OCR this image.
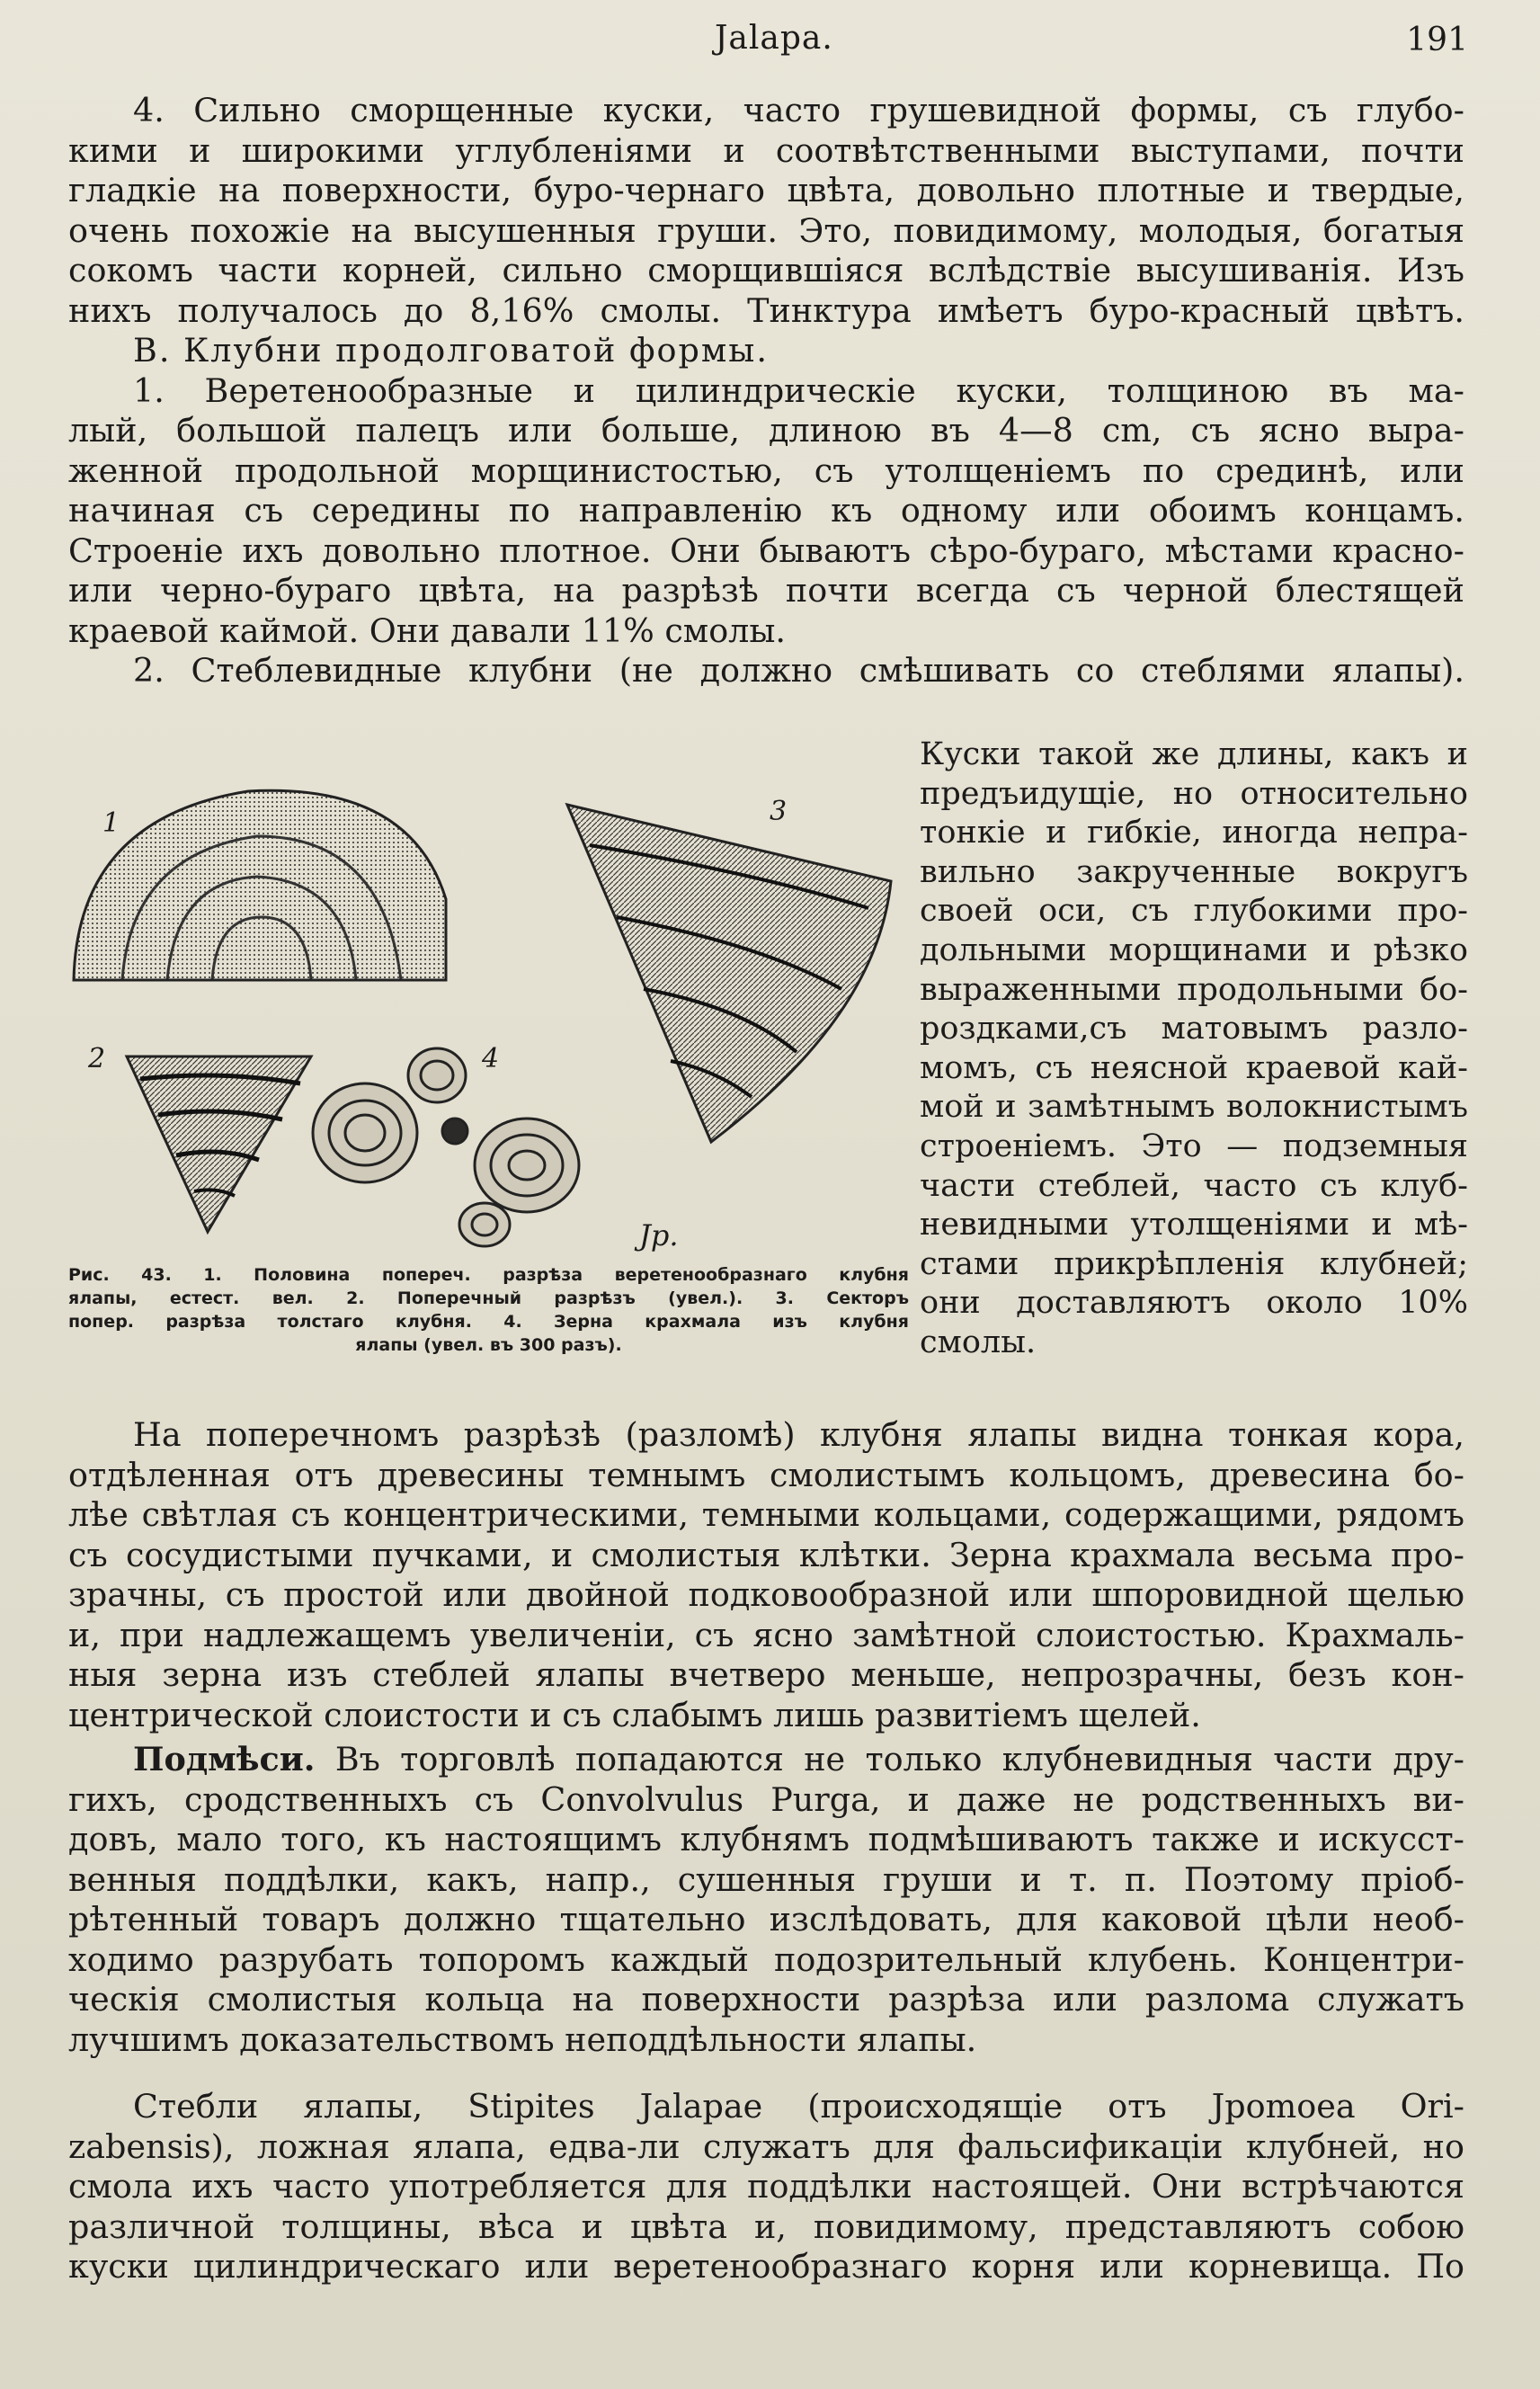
Jalapa.	191
4. Сильно сморщенные куски, часто грушевидной формы, съ глубо-
кими и широкими углубленіями и соотвѣтственными выступами, почти
гладкіе на поверхности, буро-чернаго цвѣта, довольно плотные и твердые,
очень похожіе на высушенныя груши. Это, повидимому, молодыя, богатыя
сокомъ части корней, сильно сморщившіяся вслѣдствіе высушиванія. Изъ
нихъ получалось до 8,16% смолы. Тинктура имѣетъ буро-красный цвѣтъ.
B. Клубни продолговатой формы.
1. Веретенообразные и цилиндрическіе куски, толщиною въ ма-
лый, большой палецъ или больше, длиною въ 4—8 cm, съ ясно выра-
женной продольной морщинистостью, съ утолщеніемъ по срединѣ, или
начиная съ середины по направленію къ одному или обоимъ концамъ.
Строеніе ихъ довольно плотное. Они бываютъ сѣро-бураго, мѣстами красно-
или черно-бураго цвѣта, на разрѣзѣ почти всегда съ черной блестящей
краевой каймой. Они давали 11% смолы.
2. Стеблевидные клубни (не должно смѣшивать со стеблями ялапы).
1
2
3
4
Jp.
Рис. 43. 1. Половина попереч. разрѣза веретенообразнаго клубня
ялапы, естест. вел. 2. Поперечный разрѣзъ (увел.). 3. Секторъ
попер. разрѣза толстаго клубня. 4. Зерна крахмала изъ клубня
ялапы (увел. въ 300 разъ).
Куски такой же длины, какъ и
предъидущіе, но относительно
тонкіе и гибкіе, иногда непра-
вильно закрученные вокругъ
своей оси, съ глубокими про-
дольными морщинами и рѣзко
выраженными продольными бо-
роздками,съ матовымъ разло-
момъ, съ неясной краевой кай-
мой и замѣтнымъ волокнистымъ
строеніемъ. Это — подземныя
части стеблей, часто съ клуб-
невидными утолщеніями и мѣ-
стами прикрѣпленія клубней;
они доставляютъ около 10%
смолы.
На поперечномъ разрѣзѣ (разломѣ) клубня ялапы видна тонкая кора,
отдѣленная отъ древесины темнымъ смолистымъ кольцомъ, древесина бо-
лѣе свѣтлая съ концентрическими, темными кольцами, содержащими, рядомъ
съ сосудистыми пучками, и смолистыя клѣтки. Зерна крахмала весьма про-
зрачны, съ простой или двойной подковообразной или шпоровидной щелью
и, при надлежащемъ увеличеніи, съ ясно замѣтной слоистостью. Крахмаль-
ныя зерна изъ стеблей ялапы вчетверо меньше, непрозрачны, безъ кон-
центрической слоистости и съ слабымъ лишь развитіемъ щелей.
Подмѣси. Въ торговлѣ попадаются не только клубневидныя части дру-
гихъ, сродственныхъ съ Convolvulus Purga, и даже не родственныхъ ви-
довъ, мало того, къ настоящимъ клубнямъ подмѣшиваютъ также и искусст-
венныя поддѣлки, какъ, напр., сушенныя груши и т. п. Поэтому пріоб-
рѣтенный товаръ должно тщательно изслѣдовать, для каковой цѣли необ-
ходимо разрубать топоромъ каждый подозрительный клубень. Концентри-
ческія смолистыя кольца на поверхности разрѣза или разлома служатъ
лучшимъ доказательствомъ неподдѣльности ялапы.
Стебли ялапы, Stipites Jalapae (происходящіе отъ Jpomoea Ori-
zabensis), ложная ялапа, едва-ли служатъ для фальсификаціи клубней, но
смола ихъ часто употребляется для поддѣлки настоящей. Они встрѣчаются
различной толщины, вѣса и цвѣта и, повидимому, представляютъ собою
куски цилиндрическаго или веретенообразнаго корня или корневища. По
